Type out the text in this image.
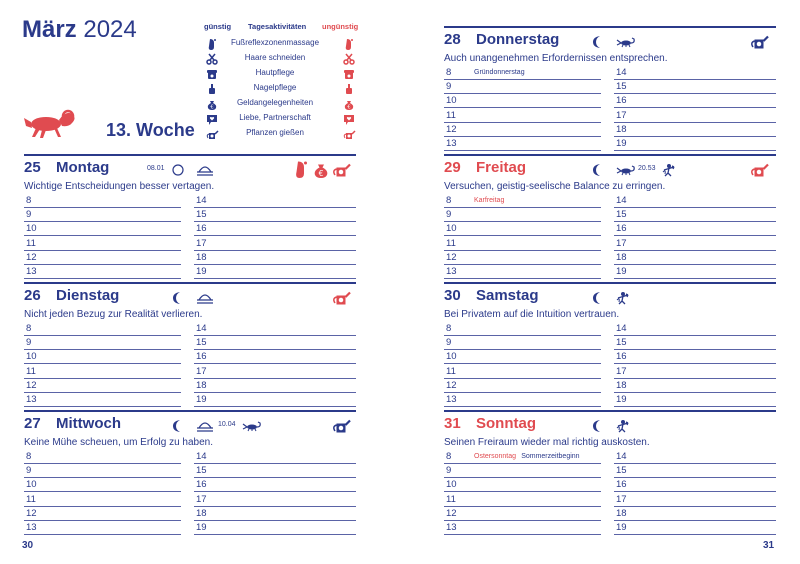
März 2024
13. Woche
günstig Tagesaktivitäten ungünstig
Fußreflexzonenmassage
Haare schneiden
Hautpflege
Nagelpflege
Geldangelegenheiten
€	€
Liebe, Partnerschaft
Pflanzen gießen
25 Montag	08.01
€
Wichtige Entscheidungen besser vertagen.
8	14
9	15
10	16
11	17
12	18
13	19
26 Dienstag
Nicht jeden Bezug zur Realität verlieren.
8	14
9	15
10	16
11	17
12	18
13	19
27 Mittwoch	10.04
Keine Mühe scheuen, um Erfolg zu haben.
8	14
9	15
10	16
11	17
12	18
13	19
28 Donnerstag
Auch unangenehmen Erfordernissen entsprechen.
8	14
9	15
10	16
11	17
12	18
13	19
Gründonnerstag
29 Freitag	20.53
Versuchen, geistig-seelische Balance zu erringen.
8	14
9	15
10	16
11	17
12	18
13	19
Karfreitag
30 Samstag
Bei Privatem auf die Intuition vertrauen.
8	14
9	15
10	16
11	17
12	18
13	19
31 Sonntag
Seinen Freiraum wieder mal richtig auskosten.
8	14
9	15
10	16
11	17
12	18
13	19
Ostersonntag Sommerzeitbeginn
30	31
